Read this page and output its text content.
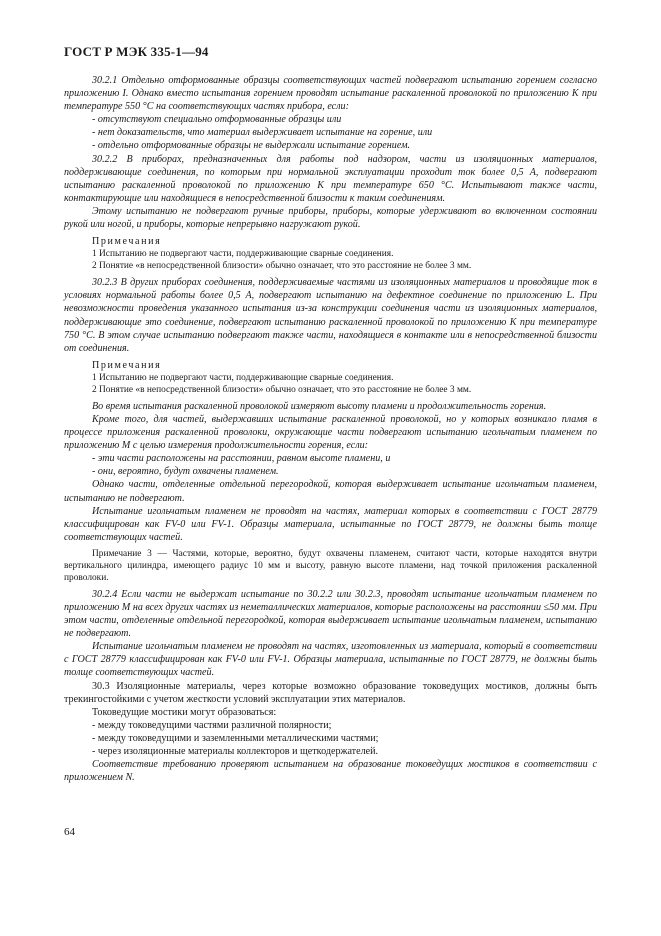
ГОСТ Р МЭК 335-1—94

30.2.1 Отдельно отформованные образцы соответствующих частей подвергают испытанию горением согласно приложению I. Однако вместо испытания горением проводят испытание раскаленной проволокой по приложению K при температуре 550 °C на соответствующих частях прибора, если:

- отсутствуют специально отформованные образцы или

- нет доказательств, что материал выдерживает испытание на горение, или

- отдельно отформованные образцы не выдержали испытание горением.

30.2.2 В приборах, предназначенных для работы под надзором, части из изоляционных материалов, поддерживающие соединения, по которым при нормальной эксплуатации проходит ток более 0,5 А, подвергают испытанию раскаленной проволокой по приложению K при температуре 650 °C. Испытывают также части, контактирующие или находящиеся в непосредственной близости к таким соединениям.

Этому испытанию не подвергают ручные приборы, приборы, которые удерживают во включенном состоянии рукой или ногой, и приборы, которые непрерывно нагружают рукой.

Примечания

1 Испытанию не подвергают части, поддерживающие сварные соединения.

2 Понятие «в непосредственной близости» обычно означает, что это расстояние не более 3 мм.

30.2.3 В других приборах соединения, поддерживаемые частями из изоляционных материалов и проводящие ток в условиях нормальной работы более 0,5 А, подвергают испытанию на дефектное соединение по приложению L. При невозможности проведения указанного испытания из-за конструкции соединения части из изоляционных материалов, поддерживающие это соединение, подвергают испытанию раскаленной проволокой по приложению K при температуре 750 °C. В этом случае испытанию подвергают также части, находящиеся в контакте или в непосредственной близости от соединения.

Примечания

1 Испытанию не подвергают части, поддерживающие сварные соединения.

2 Понятие «в непосредственной близости» обычно означает, что это расстояние не более 3 мм.

Во время испытания раскаленной проволокой измеряют высоту пламени и продолжительность горения.

Кроме того, для частей, выдержавших испытание раскаленной проволокой, но у которых возникало пламя в процессе приложения раскаленной проволоки, окружающие части подвергают испытанию игольчатым пламенем по приложению М с целью измерения продолжительности горения, если:

- эти части расположены на расстоянии, равном высоте пламени, и

- они, вероятно, будут охвачены пламенем.

Однако части, отделенные отдельной перегородкой, которая выдерживает испытание игольчатым пламенем, испытанию не подвергают.

Испытание игольчатым пламенем не проводят на частях, материал которых в соответствии с ГОСТ 28779 классифицирован как FV-0 или FV-1. Образцы материала, испытанные по ГОСТ 28779, не должны быть толще соответствующих частей.

Примечание 3 — Частями, которые, вероятно, будут охвачены пламенем, считают части, которые находятся внутри вертикального цилиндра, имеющего радиус 10 мм и высоту, равную высоте пламени, над точкой приложения раскаленной проволоки.

30.2.4 Если части не выдержат испытание по 30.2.2 или 30.2.3, проводят испытание игольчатым пламенем по приложению М на всех других частях из неметаллических материалов, которые расположены на расстоянии ≤50 мм. При этом части, отделенные отдельной перегородкой, которая выдерживает испытание игольчатым пламенем, испытанию не подвергают.

Испытание игольчатым пламенем не проводят на частях, изготовленных из материала, который в соответствии с ГОСТ 28779 классифицирован как FV-0 или FV-1. Образцы материала, испытанные по ГОСТ 28779, не должны быть толще соответствующих частей.

30.3 Изоляционные материалы, через которые возможно образование токоведущих мостиков, должны быть трекингостойкими с учетом жесткости условий эксплуатации этих материалов.

Токоведущие мостики могут образоваться:

- между токоведущими частями различной полярности;

- между токоведущими и заземленными металлическими частями;

- через изоляционные материалы коллекторов и щеткодержателей.

Соответствие требованию проверяют испытанием на образование токоведущих мостиков в соответствии с приложением N.

64
